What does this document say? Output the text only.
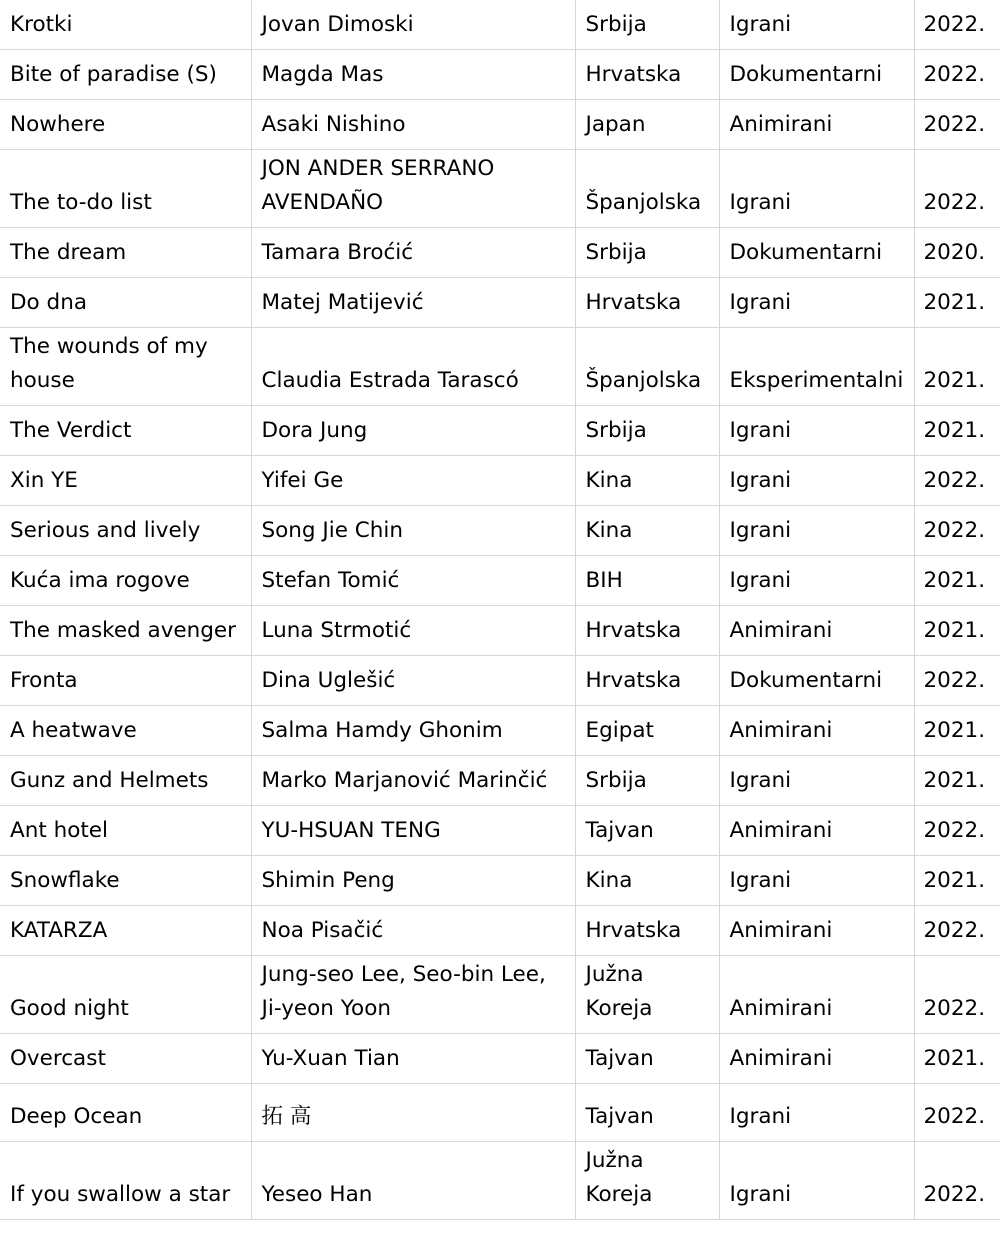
Krotki	Jovan Dimoski	Srbija	Igrani	2022.
Bite of paradise (S)	Magda Mas	Hrvatska	Dokumentarni	2022.
Nowhere	Asaki Nishino	Japan	Animirani	2022.
The to-do list	JON ANDER SERRANO AVENDAÑO	Španjolska	Igrani	2022.
The dream	Tamara Broćić	Srbija	Dokumentarni	2020.
Do dna	Matej Matijević	Hrvatska	Igrani	2021.
The wounds of my house	Claudia Estrada Tarascó	Španjolska	Eksperimentalni	2021.
The Verdict	Dora Jung	Srbija	Igrani	2021.
Xin YE	Yifei Ge	Kina	Igrani	2022.
Serious and lively	Song Jie Chin	Kina	Igrani	2022.
Kuća ima rogove	Stefan Tomić	BIH	Igrani	2021.
The masked avenger	Luna Strmotić	Hrvatska	Animirani	2021.
Fronta	Dina Uglešić	Hrvatska	Dokumentarni	2022.
A heatwave	Salma Hamdy Ghonim	Egipat	Animirani	2021.
Gunz and Helmets	Marko Marjanović Marinčić	Srbija	Igrani	2021.
Ant hotel	YU-HSUAN TENG	Tajvan	Animirani	2022.
Snowflake	Shimin Peng	Kina	Igrani	2021.
KATARZA	Noa Pisačić	Hrvatska	Animirani	2022.
Good night	Jung-seo Lee, Seo-bin Lee, Ji-yeon Yoon	Južna Koreja	Animirani	2022.
Overcast	Yu-Xuan Tian	Tajvan	Animirani	2021.
Deep Ocean	拓 高	Tajvan	Igrani	2022.
If you swallow a star	Yeseo Han	Južna Koreja	Igrani	2022.
